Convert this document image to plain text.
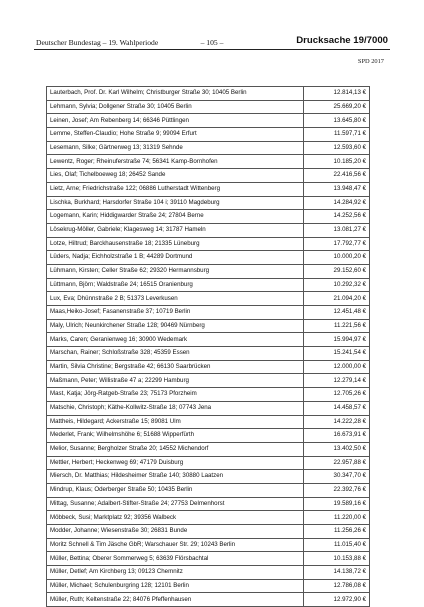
Deutscher Bundestag – 19. Wahlperiode	– 105 –	Drucksache 19/7000
SPD 2017
Lauterbach, Prof. Dr. Karl Wilhelm; Christburger Straße 30; 10405 Berlin	12.814,13 €
Lehmann, Sylvia; Dollgener Straße 30; 10405 Berlin	25.669,20 €
Leinen, Josef; Am Rebenberg 14; 66346 Püttlingen	13.645,80 €
Lemme, Steffen-Claudio; Hohe Straße 9; 99094 Erfurt	11.597,71 €
Lesemann, Silke; Gärtnerweg 13; 31319 Sehnde	12.593,60 €
Lewentz, Roger; Rheinuferstraße 74; 56341 Kamp-Bornhofen	10.185,20 €
Lies, Olaf; Tichelboeweg 18; 26452 Sande	22.416,56 €
Lietz, Arne; Friedrichstraße 122; 06886 Lutherstadt Wittenberg	13.948,47 €
Lischka, Burkhard; Harsdorfer Straße 104 i; 39110 Magdeburg	14.284,92 €
Logemann, Karin; Hiddigwarder Straße 24; 27804 Berne	14.252,56 €
Lösekrug-Möller, Gabriele; Klagesweg 14; 31787 Hameln	13.081,27 €
Lotze, Hiltrud; Barckhausenstraße 18; 21335 Lüneburg	17.792,77 €
Lüders, Nadja; Eichholzstraße 1 B; 44289 Dortmund	10.000,20 €
Lühmann, Kirsten; Celler Straße 62; 29320 Hermannsburg	29.152,60 €
Lüttmann, Björn; Waldstraße 24; 16515 Oranienburg	10.292,32 €
Lux, Eva; Dhünnstraße 2 B; 51373 Leverkusen	21.094,20 €
Maas,Heiko-Josef; Fasanenstraße 37; 10719 Berlin	12.451,48 €
Maly, Ulrich; Neunkirchener Straße 128; 90469 Nürnberg	11.221,56 €
Marks, Caren; Geranienweg 16; 30900 Wedemark	15.994,97 €
Marschan, Rainer; Schloßstraße 328; 45359 Essen	15.241,54 €
Martin, Silvia Christine; Bergstraße 42; 66130 Saarbrücken	12.000,00 €
Maßmann, Peter; Willistraße 47 a; 22299 Hamburg	12.279,14 €
Mast, Katja; Jörg-Ratgeb-Straße 23; 75173 Pforzheim	12.705,26 €
Matschie, Christoph; Käthe-Kollwitz-Straße 18; 07743 Jena	14.458,57 €
Mattheis, Hildegard; Ackerstraße 15; 89081 Ulm	14.222,28 €
Mederlet, Frank; Wilhelmshöhe 6; 51688 Wipperfürth	16.673,91 €
Melior, Susanne; Bergholzer Straße 20; 14552 Michendorf	13.402,50 €
Mettler, Herbert; Heckenweg 69; 47179 Duisburg	22.957,88 €
Miersch, Dr. Matthias; Hildesheimer Straße 140; 30880 Laatzen	30.347,70 €
Mindrup, Klaus; Oderberger Straße 50; 10435 Berlin	22.392,76 €
Mittag, Susanne; Adalbert-Stifter-Straße 24; 27753 Delmenhorst	19.589,16 €
Möbbeck, Susi; Marktplatz 92; 39356 Walbeck	11.220,00 €
Modder, Johanne; Wiesenstraße 30; 26831 Bunde	11.256,26 €
Moritz Schnell & Tim Jäsche GbR; Warschauer Str. 29; 10243 Berlin	11.015,40 €
Müller, Bettina; Oberer Sommerweg 5; 63639 Flörsbachtal	10.153,88 €
Müller, Detlef; Am Kirchberg 13; 09123 Chemnitz	14.138,72 €
Müller, Michael; Schulenburgring 128; 12101 Berlin	12.786,08 €
Müller, Ruth; Keltenstraße 22; 84076 Pfeffenhausen	12.972,90 €
